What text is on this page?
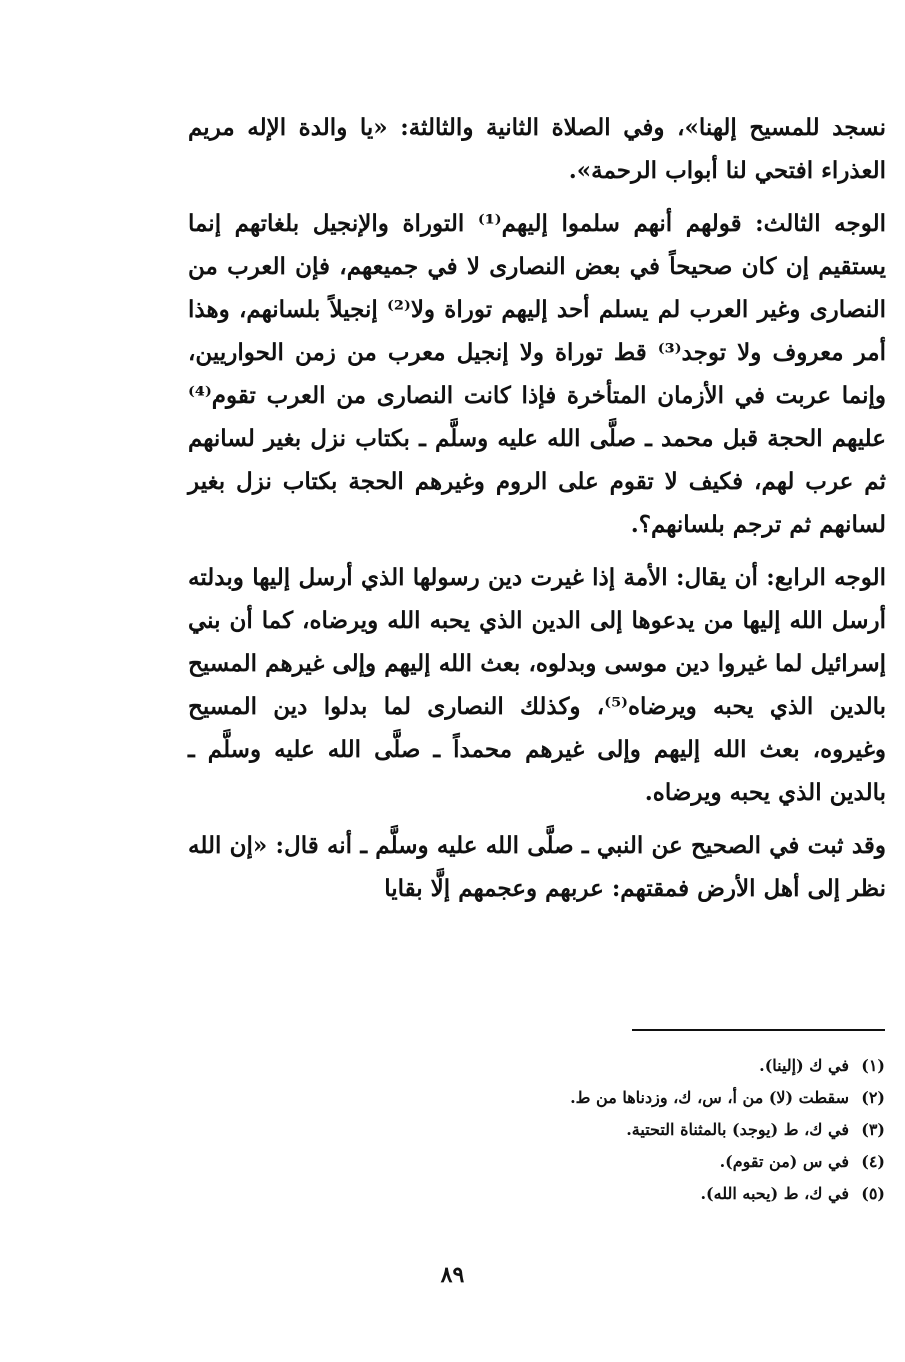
نسجد للمسيح إلهنا»، وفي الصلاة الثانية والثالثة: «يا والدة الإله مريم العذراء افتحي لنا أبواب الرحمة».

الوجه الثالث: قولهم أنهم سلموا إليهم⁽¹⁾ التوراة والإنجيل بلغاتهم إنما يستقيم إن كان صحيحاً في بعض النصارى لا في جميعهم، فإن العرب من النصارى وغير العرب لم يسلم أحد إليهم توراة ولا⁽²⁾ إنجيلاً بلسانهم، وهذا أمر معروف ولا توجد⁽³⁾ قط توراة ولا إنجيل معرب من زمن الحواريين، وإنما عربت في الأزمان المتأخرة فإذا كانت النصارى من العرب تقوم⁽⁴⁾ عليهم الحجة قبل محمد ـ صلَّى الله عليه وسلَّم ـ بكتاب نزل بغير لسانهم ثم عرب لهم، فكيف لا تقوم على الروم وغيرهم الحجة بكتاب نزل بغير لسانهم ثم ترجم بلسانهم؟.

الوجه الرابع: أن يقال: الأمة إذا غيرت دين رسولها الذي أرسل إليها وبدلته أرسل الله إليها من يدعوها إلى الدين الذي يحبه الله ويرضاه، كما أن بني إسرائيل لما غيروا دين موسى وبدلوه، بعث الله إليهم وإلى غيرهم المسيح بالدين الذي يحبه ويرضاه⁽⁵⁾، وكذلك النصارى لما بدلوا دين المسيح وغيروه، بعث الله إليهم وإلى غيرهم محمداً ـ صلَّى الله عليه وسلَّم ـ بالدين الذي يحبه ويرضاه.

وقد ثبت في الصحيح عن النبي ـ صلَّى الله عليه وسلَّم ـ أنه قال: «إن الله نظر إلى أهل الأرض فمقتهم: عربهم وعجمهم إلَّا بقايا

(١)في ك (إلينا).
(٢)سقطت (لا) من أ، س، ك، وزدناها من ط.
(٣)في ك، ط (يوجد) بالمثناة التحتية.
(٤)في س (من تقوم).
(٥)في ك، ط (يحبه الله).
٨٩
